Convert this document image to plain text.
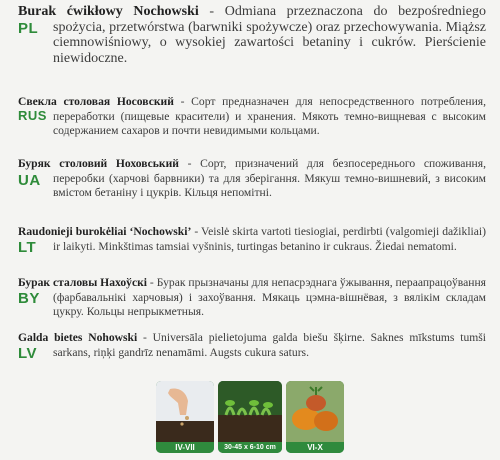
PL
Burak ćwikłowy Nochowski - Odmiana przeznaczona do bezpośredniego spożycia, przetwórstwa (barwniki spożywcze) oraz przechowywania. Miąższ ciemnowiśniowy, o wysokiej zawartości betaniny i cukrów. Pierścienie niewidoczne.
RUS
Свекла столовая Носовский - Сорт предназначен для непосредственного потребления, переработки (пищевые красители) и хранения. Мякоть темно-вищневая с высоким содержанием сахаров и почти невидимыми кольцами.
UA
Буряк столовий Ноховський - Сорт, призначений для безпосереднього споживання, переробки (харчові барвники) та для зберігання. Мякуш темно-вишневий, з високим вмістом бетаніну і цукрів. Кільця непомітні.
LT
Raudonieji burokėliai ‘Nochowski’ - Veislė skirta vartoti tiesiogiai, perdirbti (valgomieji dažikliai) ir laikyti. Minkštimas tamsiai vyšninis, turtingas betanino ir cukraus. Žiedai nematomi.
BY
Бурак сталовы Нахоўскі - Бурак прызначаны для непасрэднага ўжывання, пераапрацоўвання (фарбавальнікі харчовыя) і захоўвання. Мякаць цэмна-вішнёвая, з вялікім складам цукру. Кольцы непрыкметныя.
LV
Galda bietes Nohowski - Universāla pielietojuma galda biešu šķirne. Saknes mīkstums tumši sarkans, riņķi gandrīz nenamāmi. Augsts cukura saturs.
IV-VII	30-45 x 6-10 cm	VI-X
